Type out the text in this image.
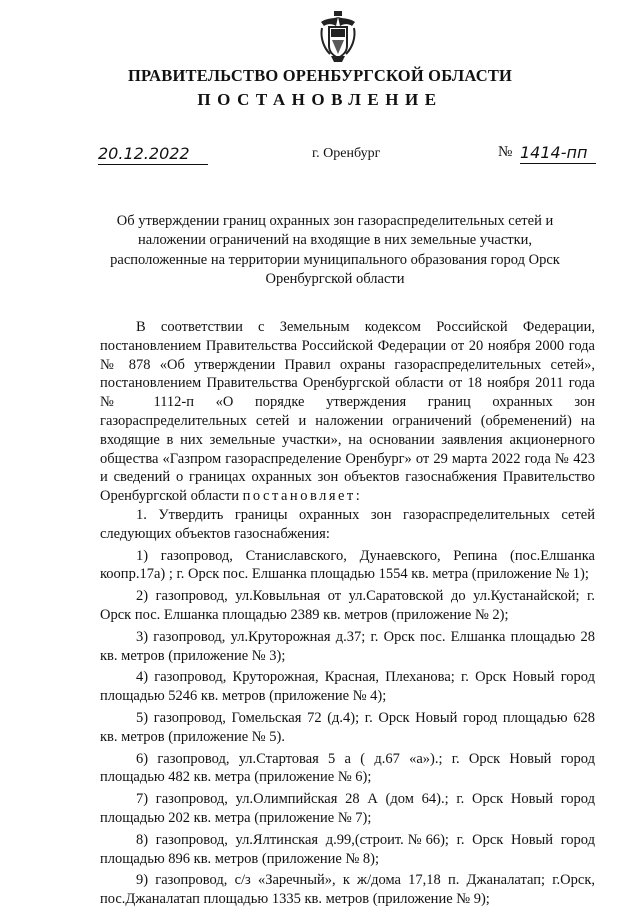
ПРАВИТЕЛЬСТВО ОРЕНБУРГСКОЙ ОБЛАСТИ
ПОСТАНОВЛЕНИЕ
20.12.2022	г. Оренбург	№ 1414-пп
Об утверждении границ охранных зон газораспределительных сетей и наложении ограничений на входящие в них земельные участки, расположенные на территории муниципального образования город Орск Оренбургской области

В соответствии с Земельным кодексом Российской Федерации, постановлением Правительства Российской Федерации от 20 ноября 2000 года № 878 «Об утверждении Правил охраны газораспределительных сетей», постановлением Правительства Оренбургской области от 18 ноября 2011 года № 1112-п «О порядке утверждения границ охранных зон газораспределительных сетей и наложении ограничений (обременений) на входящие в них земельные участки», на основании заявления акционерного общества «Газпром газораспределение Оренбург» от 29 марта 2022 года № 423 и сведений о границах охранных зон объектов газоснабжения Правительство Оренбургской области постановляет:

1. Утвердить границы охранных зон газораспределительных сетей следующих объектов газоснабжения:

1) газопровод, Станиславского, Дунаевского, Репина (пос.Елшанка коопр.17а) ; г. Орск пос. Елшанка площадью 1554 кв. метра (приложение № 1);

2) газопровод, ул.Ковыльная от ул.Саратовской до ул.Кустанайской; г. Орск пос. Елшанка площадью 2389 кв. метров (приложение № 2);

3) газопровод, ул.Круторожная д.37; г. Орск пос. Елшанка площадью 28 кв. метров (приложение № 3);

4) газопровод, Круторожная, Красная, Плеханова; г. Орск Новый город площадью 5246 кв. метров (приложение № 4);

5) газопровод, Гомельская 72 (д.4); г. Орск Новый город площадью 628 кв. метров (приложение № 5).

6) газопровод, ул.Стартовая 5 а ( д.67 «а»).; г. Орск Новый город площадью 482 кв. метра (приложение № 6);

7) газопровод, ул.Олимпийская 28 А (дом 64).; г. Орск Новый город площадью 202 кв. метра (приложение № 7);

8) газопровод, ул.Ялтинская д.99,(строит.№66); г. Орск Новый город площадью 896 кв. метров (приложение № 8);

9) газопровод, с/з «Заречный», к ж/дома 17,18 п. Джаналатап; г.Орск, пос.Джаналатап площадью 1335 кв. метров (приложение № 9);
